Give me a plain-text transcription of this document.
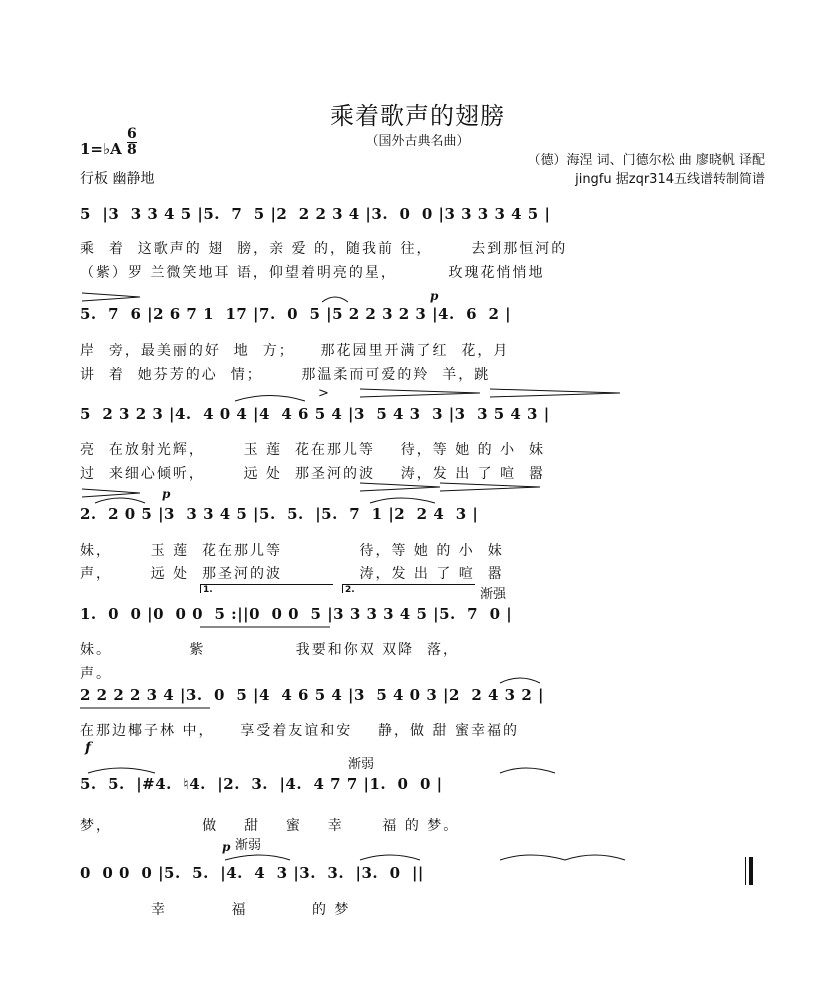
乘着歌声的翅膀
（国外古典名曲）
1=♭A
6
8
行板 幽静地
（德）海涅 词、门德尔松 曲 廖晓帆 译配
jingfu 据zqr314五线谱转制简谱
5  |3  3 3 4 5 |5.  7  5 |2  2 2 3 4 |3.  0  0 |3 3 3 3 4 5 |
乘  着  这歌声的 翅  膀，亲 爱 的，随我前 往，      去到那恒河的
（紫）罗 兰微笑地耳 语，仰望着明亮的星，        玫瑰花悄悄地
p
5.  7  6 |2 6 7 1  17 |7.  0  5 |5 2 2 3 2 3 |4.  6  2 |
岸  旁，最美丽的好  地  方；    那花园里开满了红  花，月
讲  着  她芬芳的心  情；      那温柔而可爱的羚  羊，跳
>
5  2 3 2 3 |4.  4 0 4 |4  4 6 5 4 |3  5 4 3  3 |3  3 5 4 3 |
亮  在放射光辉，      玉 莲  花在那儿等    待，等 她 的 小  妹
过  来细心倾听，      远 处  那圣河的波    涛，发 出 了 喧  嚣
p
2.  2 0 5 |3  3 3 4 5 |5.  5.  |5.  7  1 |2  2 4  3 |
妹，      玉 莲  花在那儿等            待，等 她 的 小  妹
声，      远 处  那圣河的波            涛，发 出 了 喧  嚣
1.	2.	渐强
1.  0  0 |0  0 0  5 :||0  0 0  5 |3 3 3 3 4 5 |5.  7  0 |
妹。            紫              我要和你双 双降  落，
声。
2 2 2 2 3 4 |3.  0  5 |4  4 6 5 4 |3  5 4 0 3 |2  2 4 3 2 |
在那边椰子林 中，    享受着友谊和安    静，做 甜 蜜幸福的
f
渐弱
5.  5.  |#4.  ♮4.  |2.  3.  |4.  4 7 7 |1.  0  0 |
梦，              做    甜    蜜    幸      福 的 梦。
p 渐弱
0  0 0  0 |5.  5.  |4.  4  3 |3.  3.  |3.  0  ||
幸          福          的 梦
